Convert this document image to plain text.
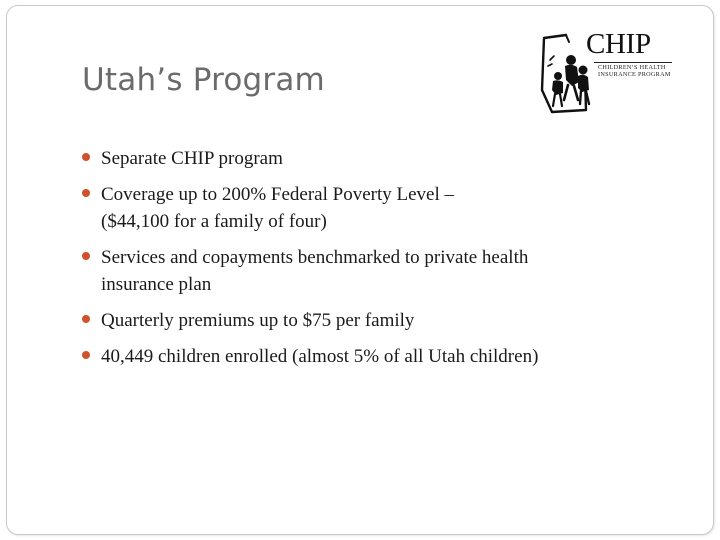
Utah’s Program
CHIP
CHILDREN’S HEALTH
INSURANCE PROGRAM
Separate CHIP program
Coverage up to 200% Federal Poverty Level –
($44,100 for a family of four)
Services and copayments benchmarked to private health
insurance plan
Quarterly premiums up to $75 per family
40,449 children enrolled (almost 5% of all Utah children)
